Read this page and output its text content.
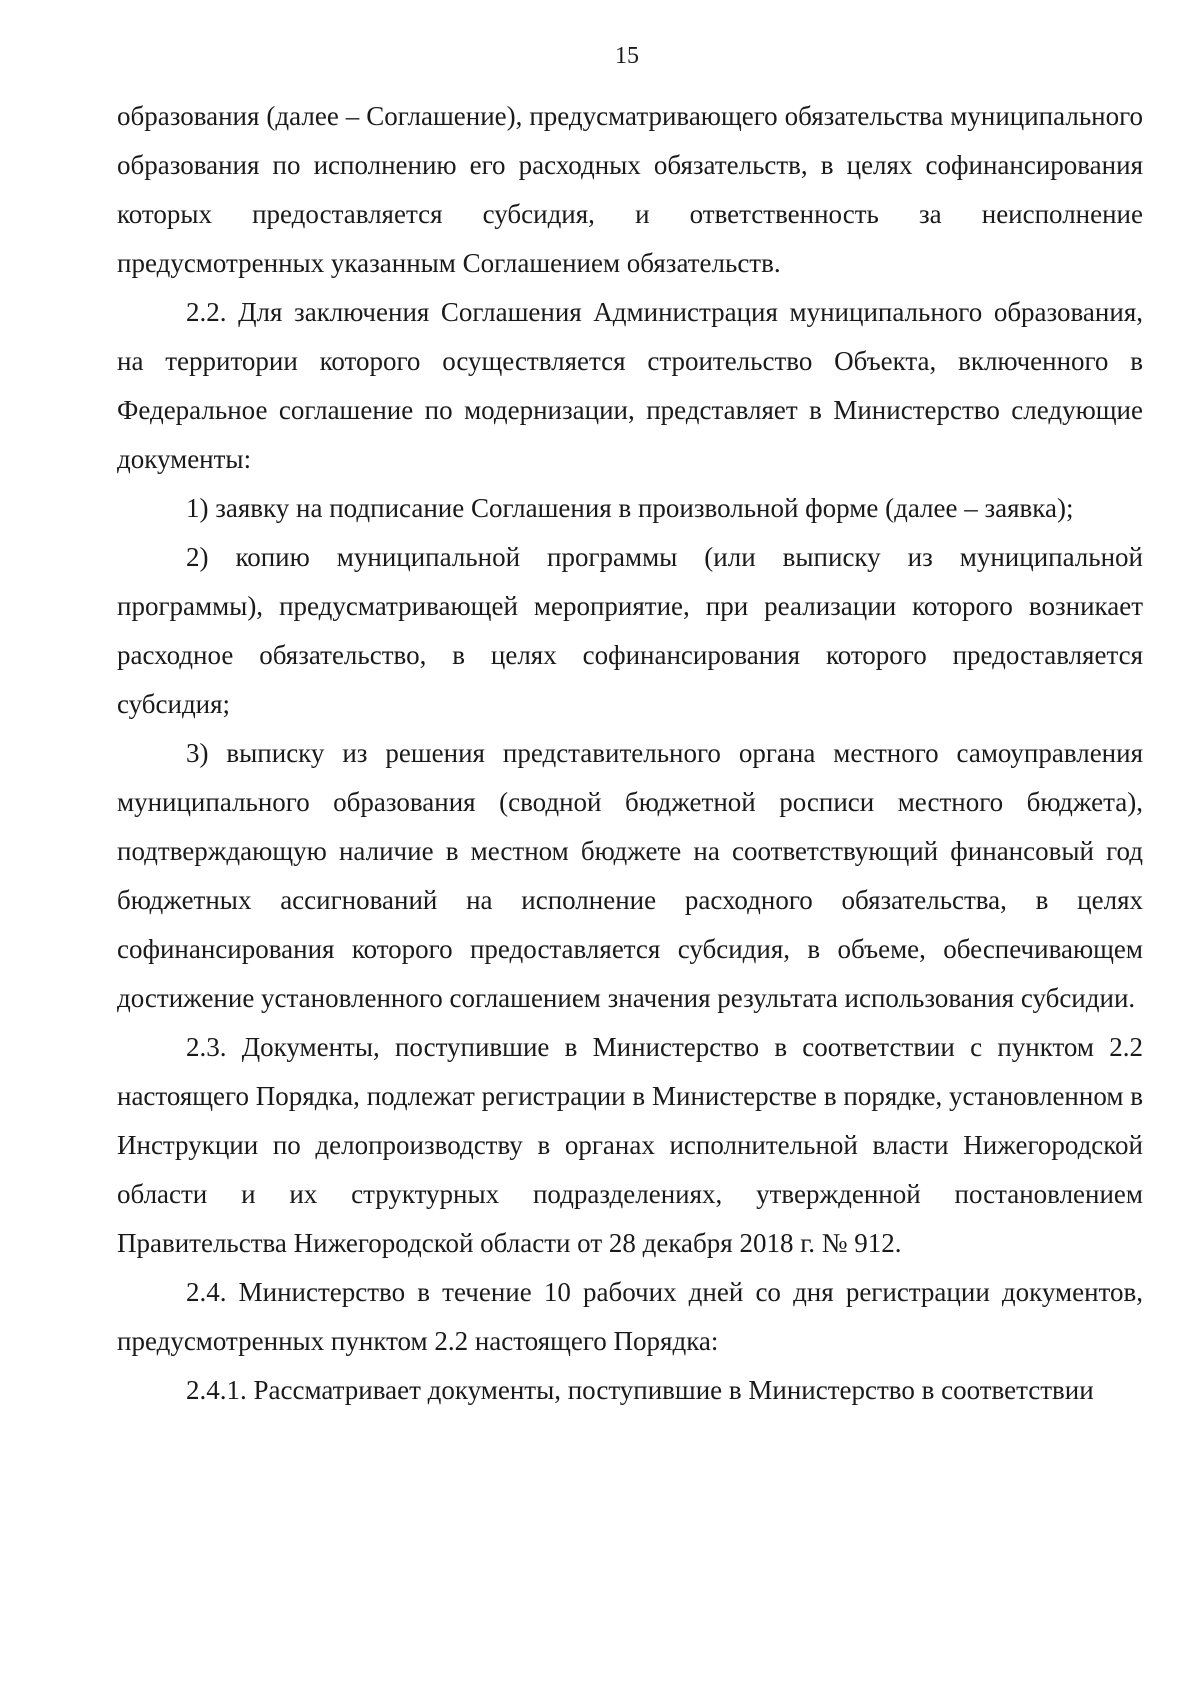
15

образования (далее – Соглашение), предусматривающего обязательства муниципального образования по исполнению его расходных обязательств, в целях софинансирования которых предоставляется субсидия, и ответственность за неисполнение предусмотренных указанным Соглашением обязательств.

2.2. Для заключения Соглашения Администрация муниципального образования, на территории которого осуществляется строительство Объекта, включенного в Федеральное соглашение по модернизации, представляет в Министерство следующие документы:

1) заявку на подписание Соглашения в произвольной форме (далее – заявка);

2) копию муниципальной программы (или выписку из муниципальной программы), предусматривающей мероприятие, при реализации которого возникает расходное обязательство, в целях софинансирования которого предоставляется субсидия;

3) выписку из решения представительного органа местного самоуправления муниципального образования (сводной бюджетной росписи местного бюджета), подтверждающую наличие в местном бюджете на соответствующий финансовый год бюджетных ассигнований на исполнение расходного обязательства, в целях софинансирования которого предоставляется субсидия, в объеме, обеспечивающем достижение установленного соглашением значения результата использования субсидии.

2.3. Документы, поступившие в Министерство в соответствии с пунктом 2.2 настоящего Порядка, подлежат регистрации в Министерстве в порядке, установленном в Инструкции по делопроизводству в органах исполнительной власти Нижегородской области и их структурных подразделениях, утвержденной постановлением Правительства Нижегородской области от 28 декабря 2018 г. № 912.

2.4. Министерство в течение 10 рабочих дней со дня регистрации документов, предусмотренных пунктом 2.2 настоящего Порядка:

2.4.1. Рассматривает документы, поступившие в Министерство в соответствии
